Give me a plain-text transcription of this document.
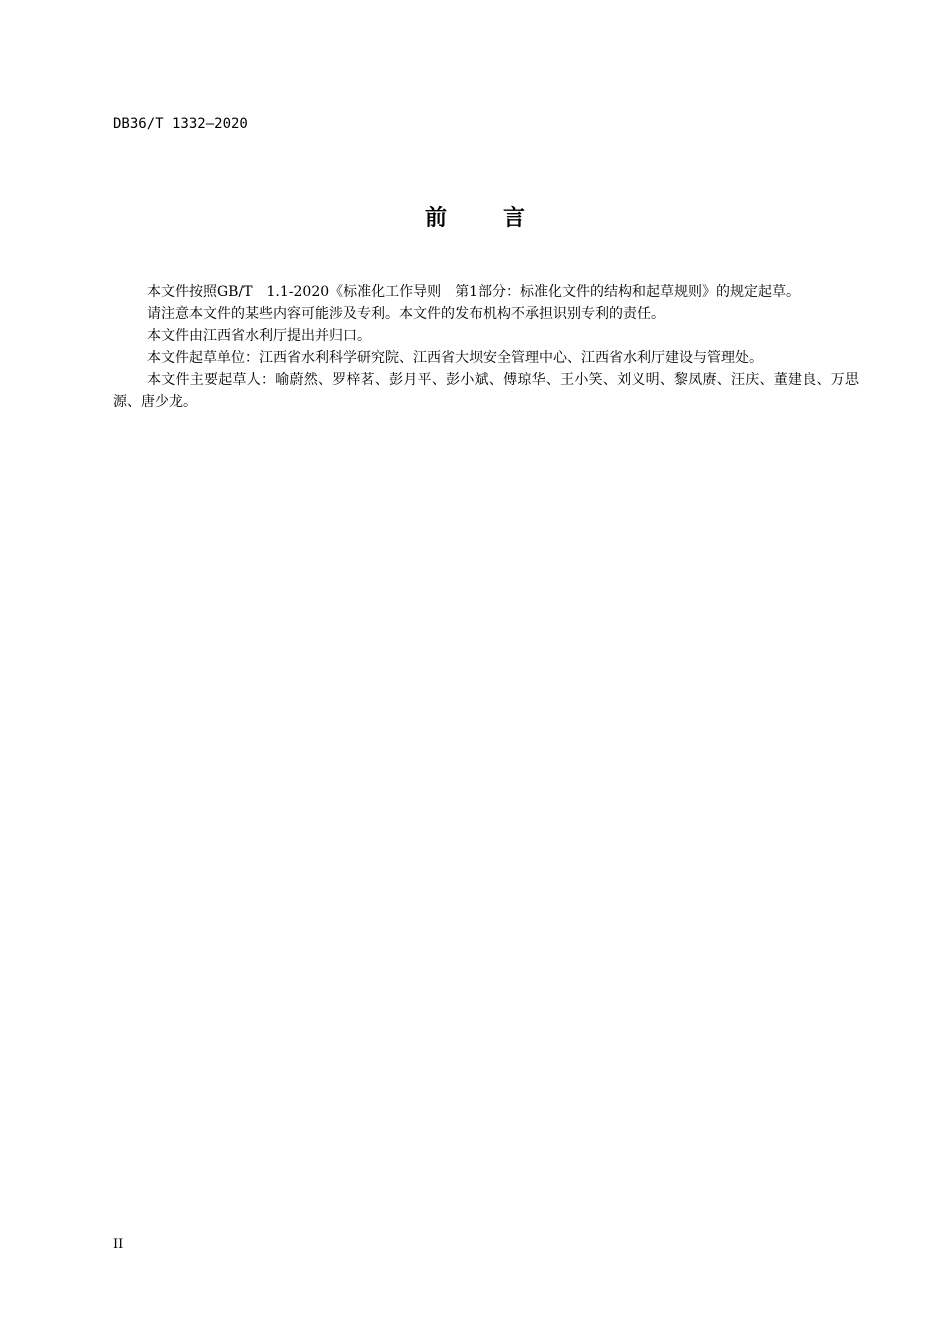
DB36/T 1332—2020
前言

本文件按照GB/T　1.1-2020《标准化工作导则　第1部分：标准化文件的结构和起草规则》的规定起草。

请注意本文件的某些内容可能涉及专利。本文件的发布机构不承担识别专利的责任。

本文件由江西省水利厅提出并归口。

本文件起草单位：江西省水利科学研究院、江西省大坝安全管理中心、江西省水利厅建设与管理处。

本文件主要起草人：喻蔚然、罗梓茗、彭月平、彭小斌、傅琼华、王小笑、刘义明、黎凤赓、汪庆、董建良、万思源、唐少龙。

II
